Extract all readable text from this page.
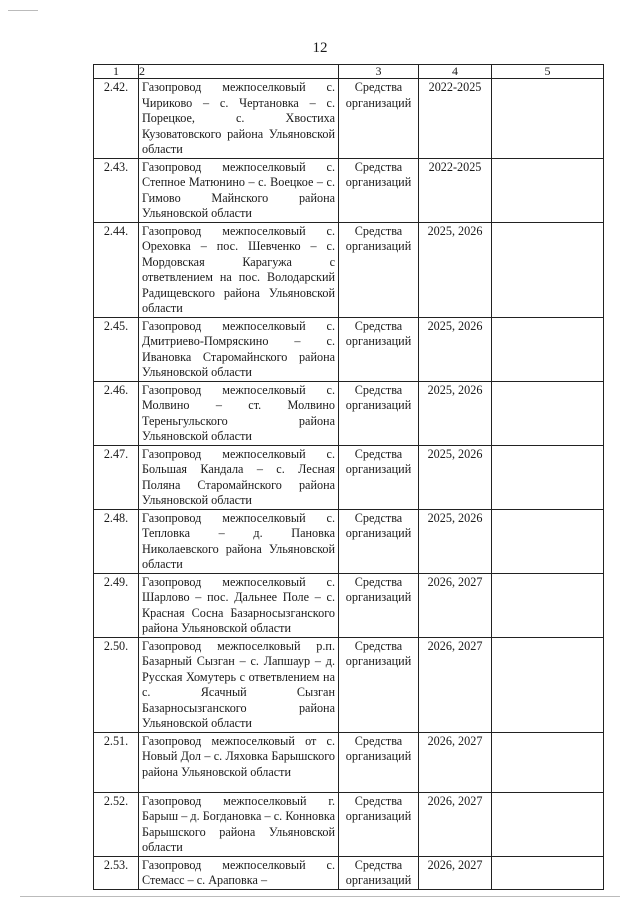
12
1	2	3	4	5
2.42.	Газопровод межпоселковый с. Чириково – с. Чертановка – с. Порецкое, с. Хвостиха Кузоватовского района Ульяновской области	Средства организаций	2022-2025	
2.43.	Газопровод межпоселковый с. Степное Матюнино – с. Воецкое – с. Гимово Майнского района Ульяновской области	Средства организаций	2022-2025	
2.44.	Газопровод межпоселковый с. Ореховка – пос. Шевченко – с. Мордовская Карагужа с ответвлением на пос. Володарский Радищевского района Ульяновской области	Средства организаций	2025, 2026	
2.45.	Газопровод межпоселковый с. Дмитриево-Помряскино – с. Ивановка Старомайнского района Ульяновской области	Средства организаций	2025, 2026	
2.46.	Газопровод межпоселковый с. Молвино – ст. Молвино Тереньгульского района Ульяновской области	Средства организаций	2025, 2026	
2.47.	Газопровод межпоселковый с. Большая Кандала – с. Лесная Поляна Старомайнского района Ульяновской области	Средства организаций	2025, 2026	
2.48.	Газопровод межпоселковый с. Тепловка – д. Пановка Николаевского района Ульяновской области	Средства организаций	2025, 2026	
2.49.	Газопровод межпоселковый с. Шарлово – пос. Дальнее Поле – с. Красная Сосна Базарносызганского района Ульяновской области	Средства организаций	2026, 2027	
2.50.	Газопровод межпоселковый р.п. Базарный Сызган – с. Лапшаур – д. Русская Хомутерь с ответвлением на с. Ясачный Сызган Базарносызганского района Ульяновской области	Средства организаций	2026, 2027	
2.51.	Газопровод межпоселковый от с. Новый Дол – с. Ляховка Барышского района Ульяновской области	Средства организаций	2026, 2027	
2.52.	Газопровод межпоселковый г. Барыш – д. Богдановка – с. Конновка Барышского района Ульяновской области	Средства организаций	2026, 2027	
2.53.	Газопровод межпоселковый с. Стемасс – с. Араповка –	Средства организаций	2026, 2027	
